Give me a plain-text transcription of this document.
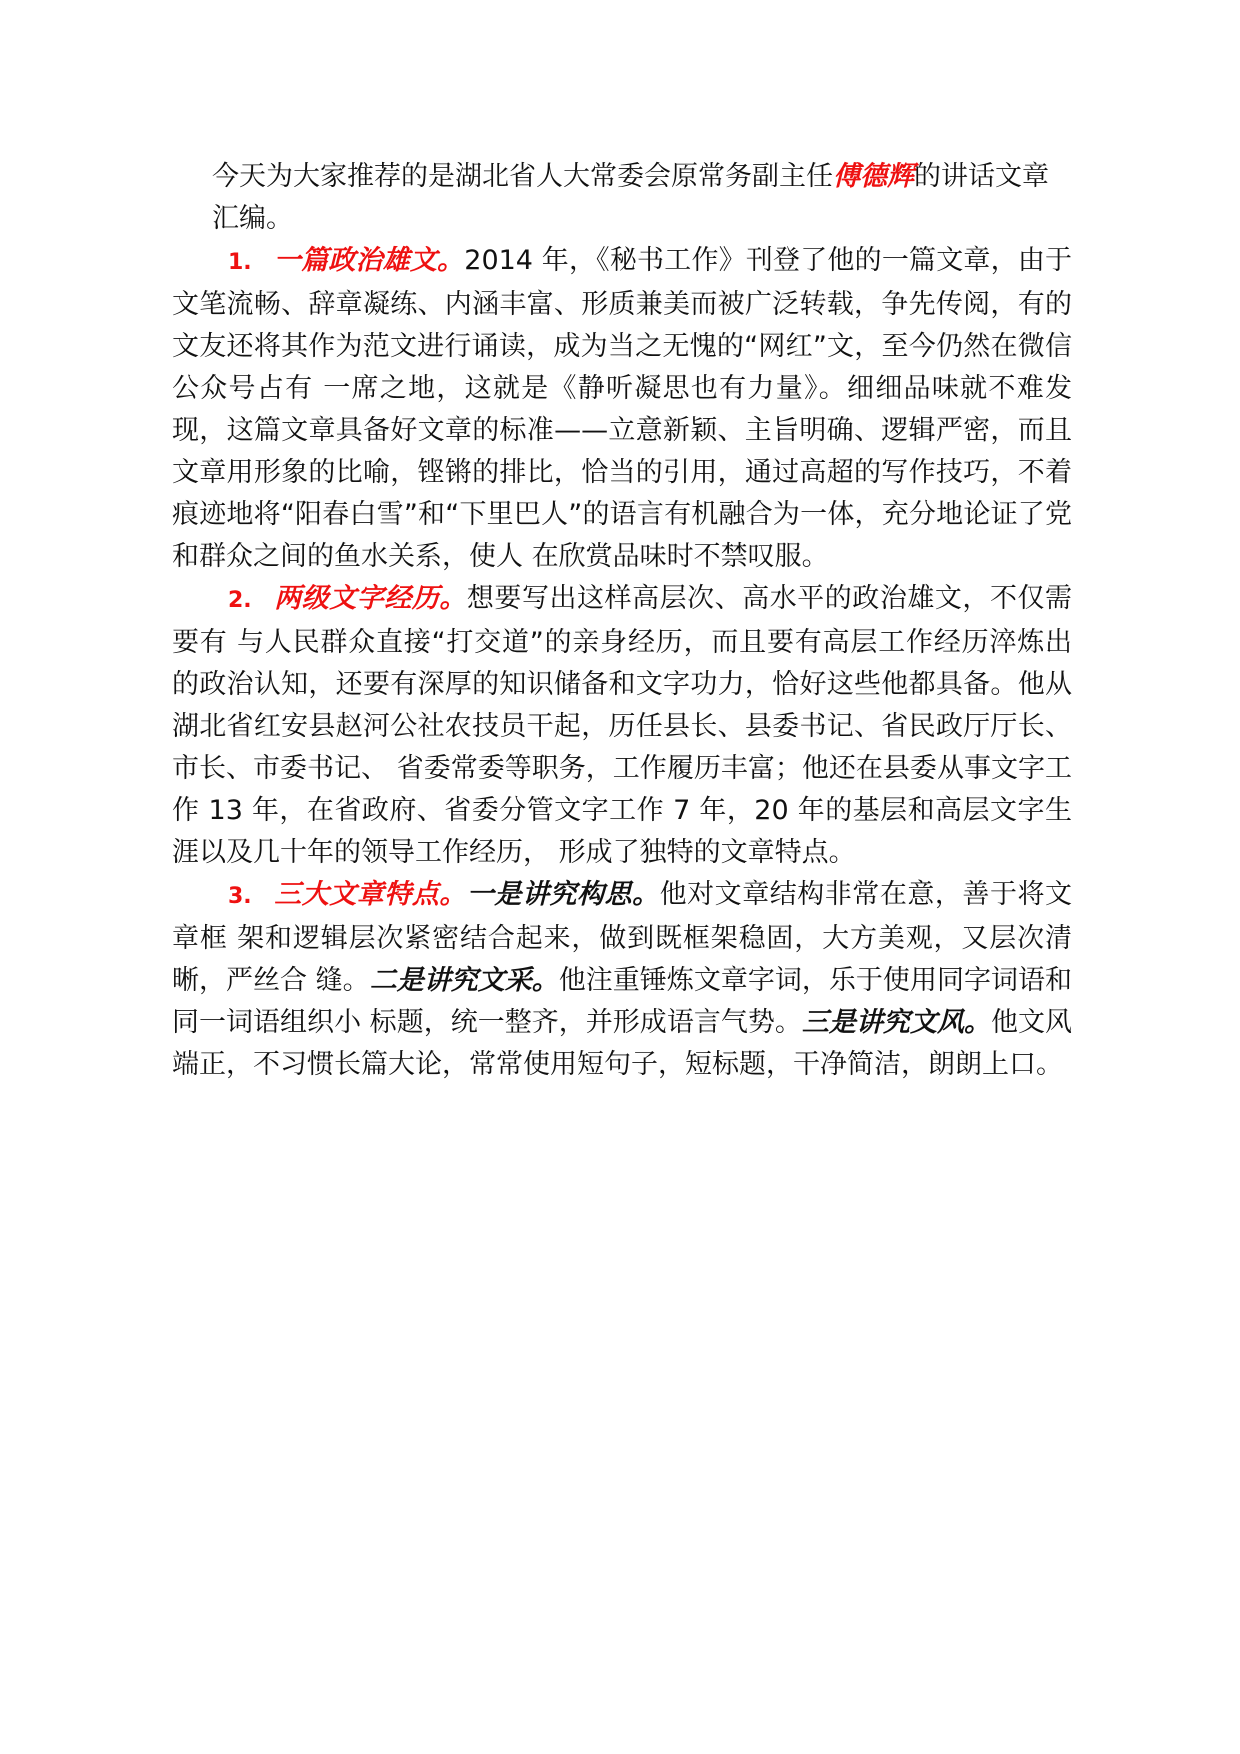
今天为大家推荐的是湖北省人大常委会原常务副主任傅德辉的讲话文章汇编。

1. 一篇政治雄文。2014 年，《秘书工作》刊登了他的一篇文章，由于文笔流畅、辞章凝练、内涵丰富、形质兼美而被广泛转载，争先传阅，有的文友还将其作为范文进行诵读，成为当之无愧的“网红”文，至今仍然在微信公众号占有 一席之地，这就是《静听凝思也有力量》。细细品味就不难发现，这篇文章具备好文章的标准——立意新颖、主旨明确、逻辑严密，而且文章用形象的比喻，铿锵的排比，恰当的引用，通过高超的写作技巧，不着痕迹地将“阳春白雪”和“下里巴人”的语言有机融合为一体，充分地论证了党和群众之间的鱼水关系，使人 在欣赏品味时不禁叹服。

2. 两级文字经历。想要写出这样高层次、高水平的政治雄文，不仅需要有 与人民群众直接“打交道”的亲身经历，而且要有高层工作经历淬炼出的政治认知，还要有深厚的知识储备和文字功力，恰好这些他都具备。他从湖北省红安县赵河公社农技员干起，历任县长、县委书记、省民政厅厅长、市长、市委书记、 省委常委等职务，工作履历丰富；他还在县委从事文字工作 13 年，在省政府、省委分管文字工作 7 年，20 年的基层和高层文字生涯以及几十年的领导工作经历， 形成了独特的文章特点。

3. 三大文章特点。一是讲究构思。他对文章结构非常在意，善于将文章框 架和逻辑层次紧密结合起来，做到既框架稳固，大方美观，又层次清晰，严丝合 缝。二是讲究文采。他注重锤炼文章字词，乐于使用同字词语和同一词语组织小 标题，统一整齐，并形成语言气势。三是讲究文风。他文风端正，不习惯长篇大论，常常使用短句子，短标题，干净简洁，朗朗上口。
